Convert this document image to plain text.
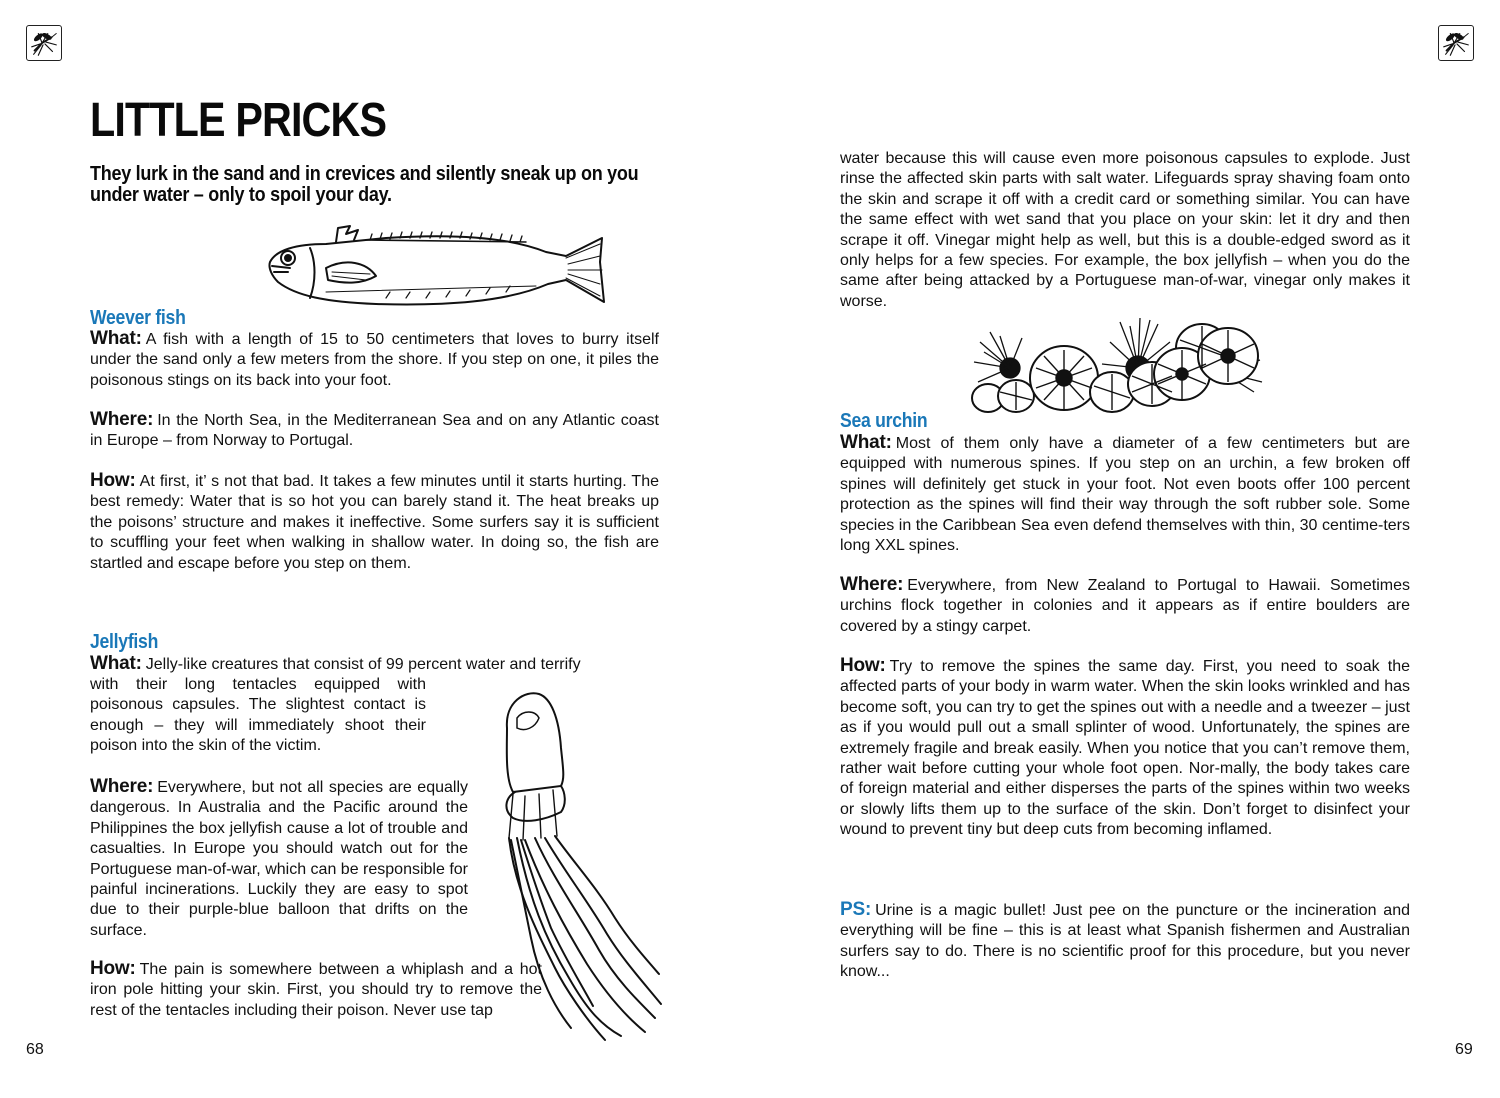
LITTLE PRICKS
They lurk in the sand and in crevices and silently sneak up on you under water – only to spoil your day.
Weever fish
What: A fish with a length of 15 to 50 centimeters that loves to burry itself under the sand only a few meters from the shore. If you step on one, it piles the poisonous stings on its back into your foot.
Where: In the North Sea, in the Mediterranean Sea and on any Atlantic coast in Europe – from Norway to Portugal.
How: At first, it’ s not that bad. It takes a few minutes until it starts hurting. The best remedy: Water that is so hot you can barely stand it. The heat breaks up the poisons’ structure and makes it ineffective. Some surfers say it is sufficient to scuffling your feet when walking in shallow water. In doing so, the fish are startled and escape before you step on them.
Jellyfish
What: Jelly-like creatures that consist of 99 percent water and terrify
with their long tentacles equipped with poisonous capsules. The slightest contact is enough – they will immediately shoot their poison into the skin of the victim.
Where: Everywhere, but not all species are equally dangerous. In Australia and the Pacific around the Philippines the box jellyfish cause a lot of trouble and casualties. In Europe you should watch out for the Portuguese man-of-war, which can be responsible for painful incinerations. Luckily they are easy to spot due to their purple-blue balloon that drifts on the surface.
How: The pain is somewhere between a whiplash and a hot iron pole hitting your skin. First, you should try to remove the rest of the tentacles including their poison. Never use tap
68
water because this will cause even more poisonous capsules to explode. Just rinse the affected skin parts with salt water. Lifeguards spray shaving foam onto the skin and scrape it off with a credit card or something similar. You can have the same effect with wet sand that you place on your skin: let it dry and then scrape it off. Vinegar might help as well, but this is a double-edged sword as it only helps for a few species. For example, the box jellyfish – when you do the same after being attacked by a Portuguese man-of-war, vinegar only makes it worse.
Sea urchin
What: Most of them only have a diameter of a few centimeters but are equipped with numerous spines. If you step on an urchin, a few broken off spines will definitely get stuck in your foot. Not even boots offer 100 percent protection as the spines will find their way through the soft rubber sole. Some species in the Caribbean Sea even defend themselves with thin, 30 centime-ters long XXL spines.
Where: Everywhere, from New Zealand to Portugal to Hawaii. Sometimes urchins flock together in colonies and it appears as if entire boulders are covered by a stingy carpet.
How: Try to remove the spines the same day. First, you need to soak the affected parts of your body in warm water. When the skin looks wrinkled and has become soft, you can try to get the spines out with a needle and a tweezer – just as if you would pull out a small splinter of wood. Unfortunately, the spines are extremely fragile and break easily. When you notice that you can’t remove them, rather wait before cutting your whole foot open. Nor-mally, the body takes care of foreign material and either disperses the parts of the spines within two weeks or slowly lifts them up to the surface of the skin. Don’t forget to disinfect your wound to prevent tiny but deep cuts from becoming inflamed.
PS: Urine is a magic bullet! Just pee on the puncture or the incineration and everything will be fine – this is at least what Spanish fishermen and Australian surfers say to do. There is no scientific proof for this procedure, but you never know...
69
